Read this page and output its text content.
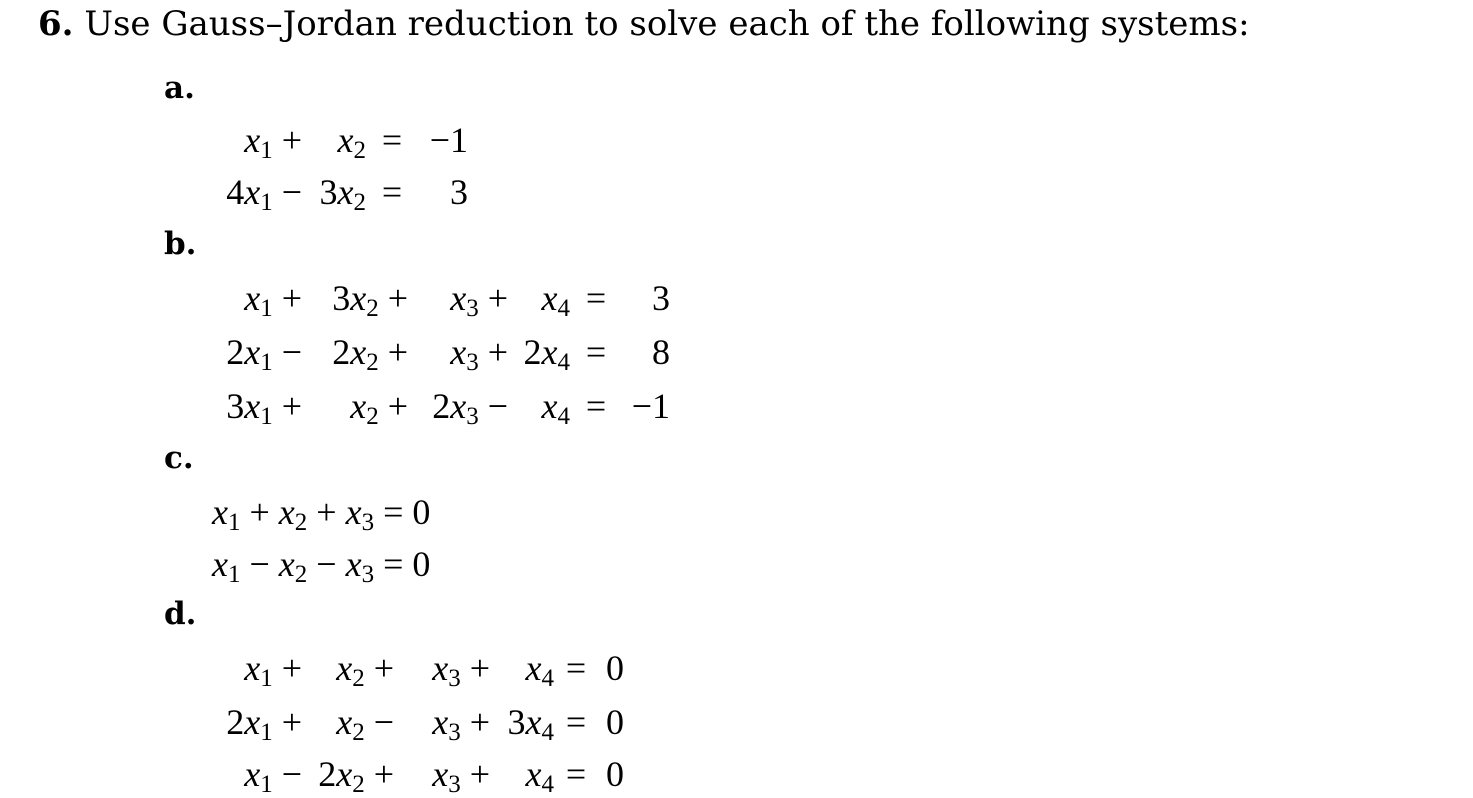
6. Use Gauss–Jordan reduction to solve each of the following systems:
a.
$x_1 + x_2 = -1$
$4x_1 - 3x_2$ =	3
b.
$x_1 + 3x_2$ +	$x_3 + x_4$ =	3
$2x_1 - 2x_2$ +	$x_3 + 2x_4$ =	8
$3x_1$ +	$x_2 + 2x_3 - x_4 = -1$
c.
$x_1 + x_2 + x_3 = 0$
$x_1 - x_2 - x_3 = 0$
d.
$x_1 + x_2$ +	$x_3 + x_4 = 0$
$2x_1 + x_2$ −	$x_3 + 3x_4 = 0$
$x_1 - 2x_2$ +	$x_3 + x_4 = 0$
